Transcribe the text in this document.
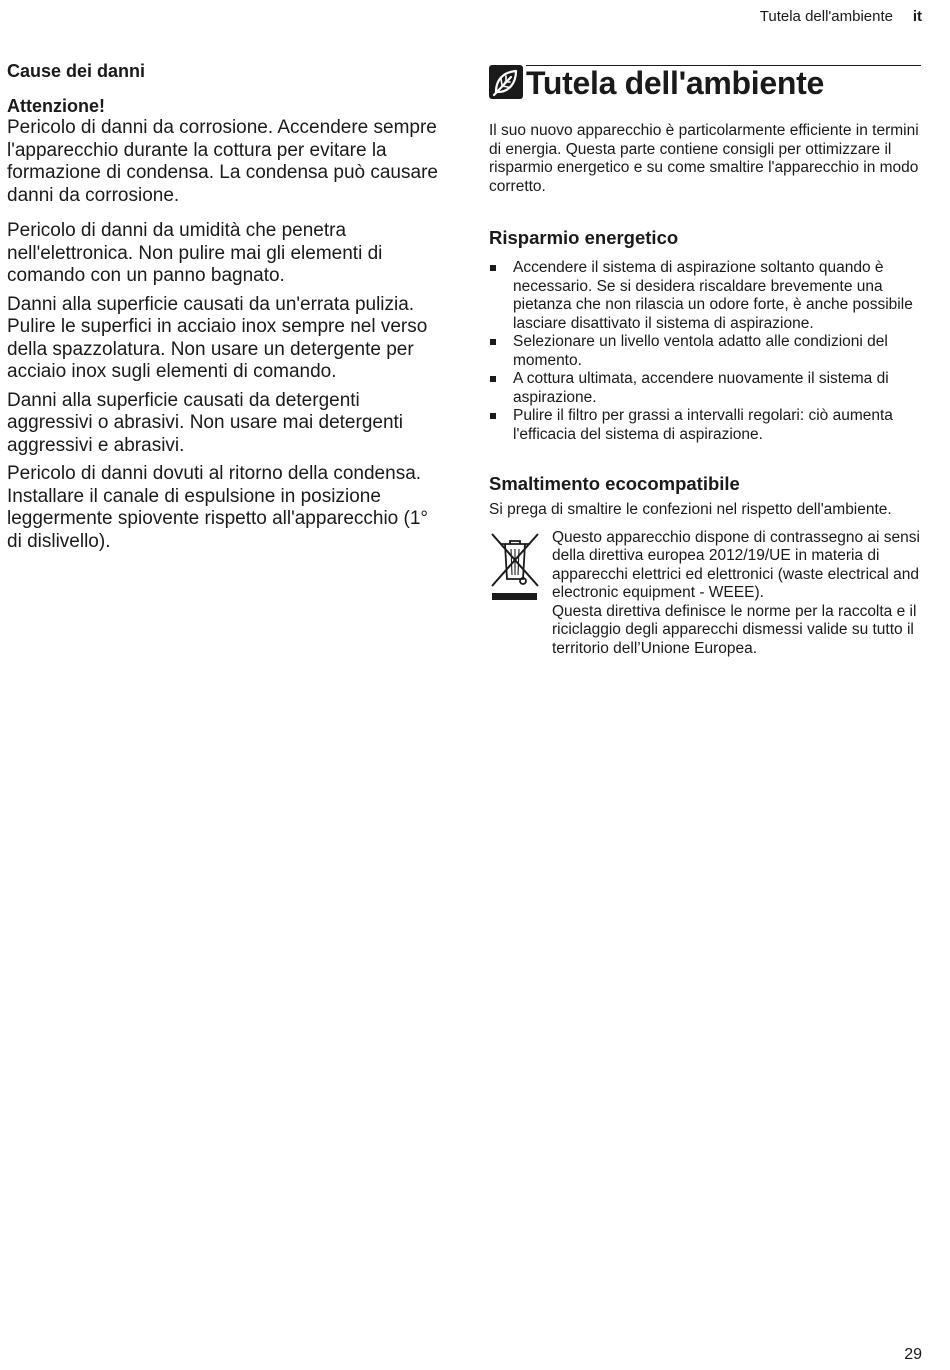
Tutela dell'ambiente it
Cause dei danni
Attenzione!

Pericolo di danni da corrosione. Accendere sempre l'apparecchio durante la cottura per evitare la formazione di condensa. La condensa può causare danni da corrosione.

Pericolo di danni da umidità che penetra nell'elettronica. Non pulire mai gli elementi di comando con un panno bagnato.

Danni alla superficie causati da un'errata pulizia. Pulire le superfici in acciaio inox sempre nel verso della spazzolatura. Non usare un detergente per acciaio inox sugli elementi di comando.

Danni alla superficie causati da detergenti aggressivi o abrasivi. Non usare mai detergenti aggressivi e abrasivi.

Pericolo di danni dovuti al ritorno della condensa. Installare il canale di espulsione in posizione leggermente spiovente rispetto all'apparecchio (1° di dislivello).

Tutela dell'ambiente

Il suo nuovo apparecchio è particolarmente efficiente in termini di energia. Questa parte contiene consigli per ottimizzare il risparmio energetico e su come smaltire l'apparecchio in modo corretto.

Risparmio energetico
Accendere il sistema di aspirazione soltanto quando è necessario. Se si desidera riscaldare brevemente una pietanza che non rilascia un odore forte, è anche possibile lasciare disattivato il sistema di aspirazione.
Selezionare un livello ventola adatto alle condizioni del momento.
A cottura ultimata, accendere nuovamente il sistema di aspirazione.
Pulire il filtro per grassi a intervalli regolari: ciò aumenta l'efficacia del sistema di aspirazione.
Smaltimento ecocompatibile

Si prega di smaltire le confezioni nel rispetto dell'ambiente.

Questo apparecchio dispone di contrassegno ai sensi della direttiva europea 2012/19/UE in materia di apparecchi elettrici ed elettronici (waste electrical and electronic equipment - WEEE).

Questa direttiva definisce le norme per la raccolta e il riciclaggio degli apparecchi dismessi valide su tutto il territorio dell’Unione Europea.

29
